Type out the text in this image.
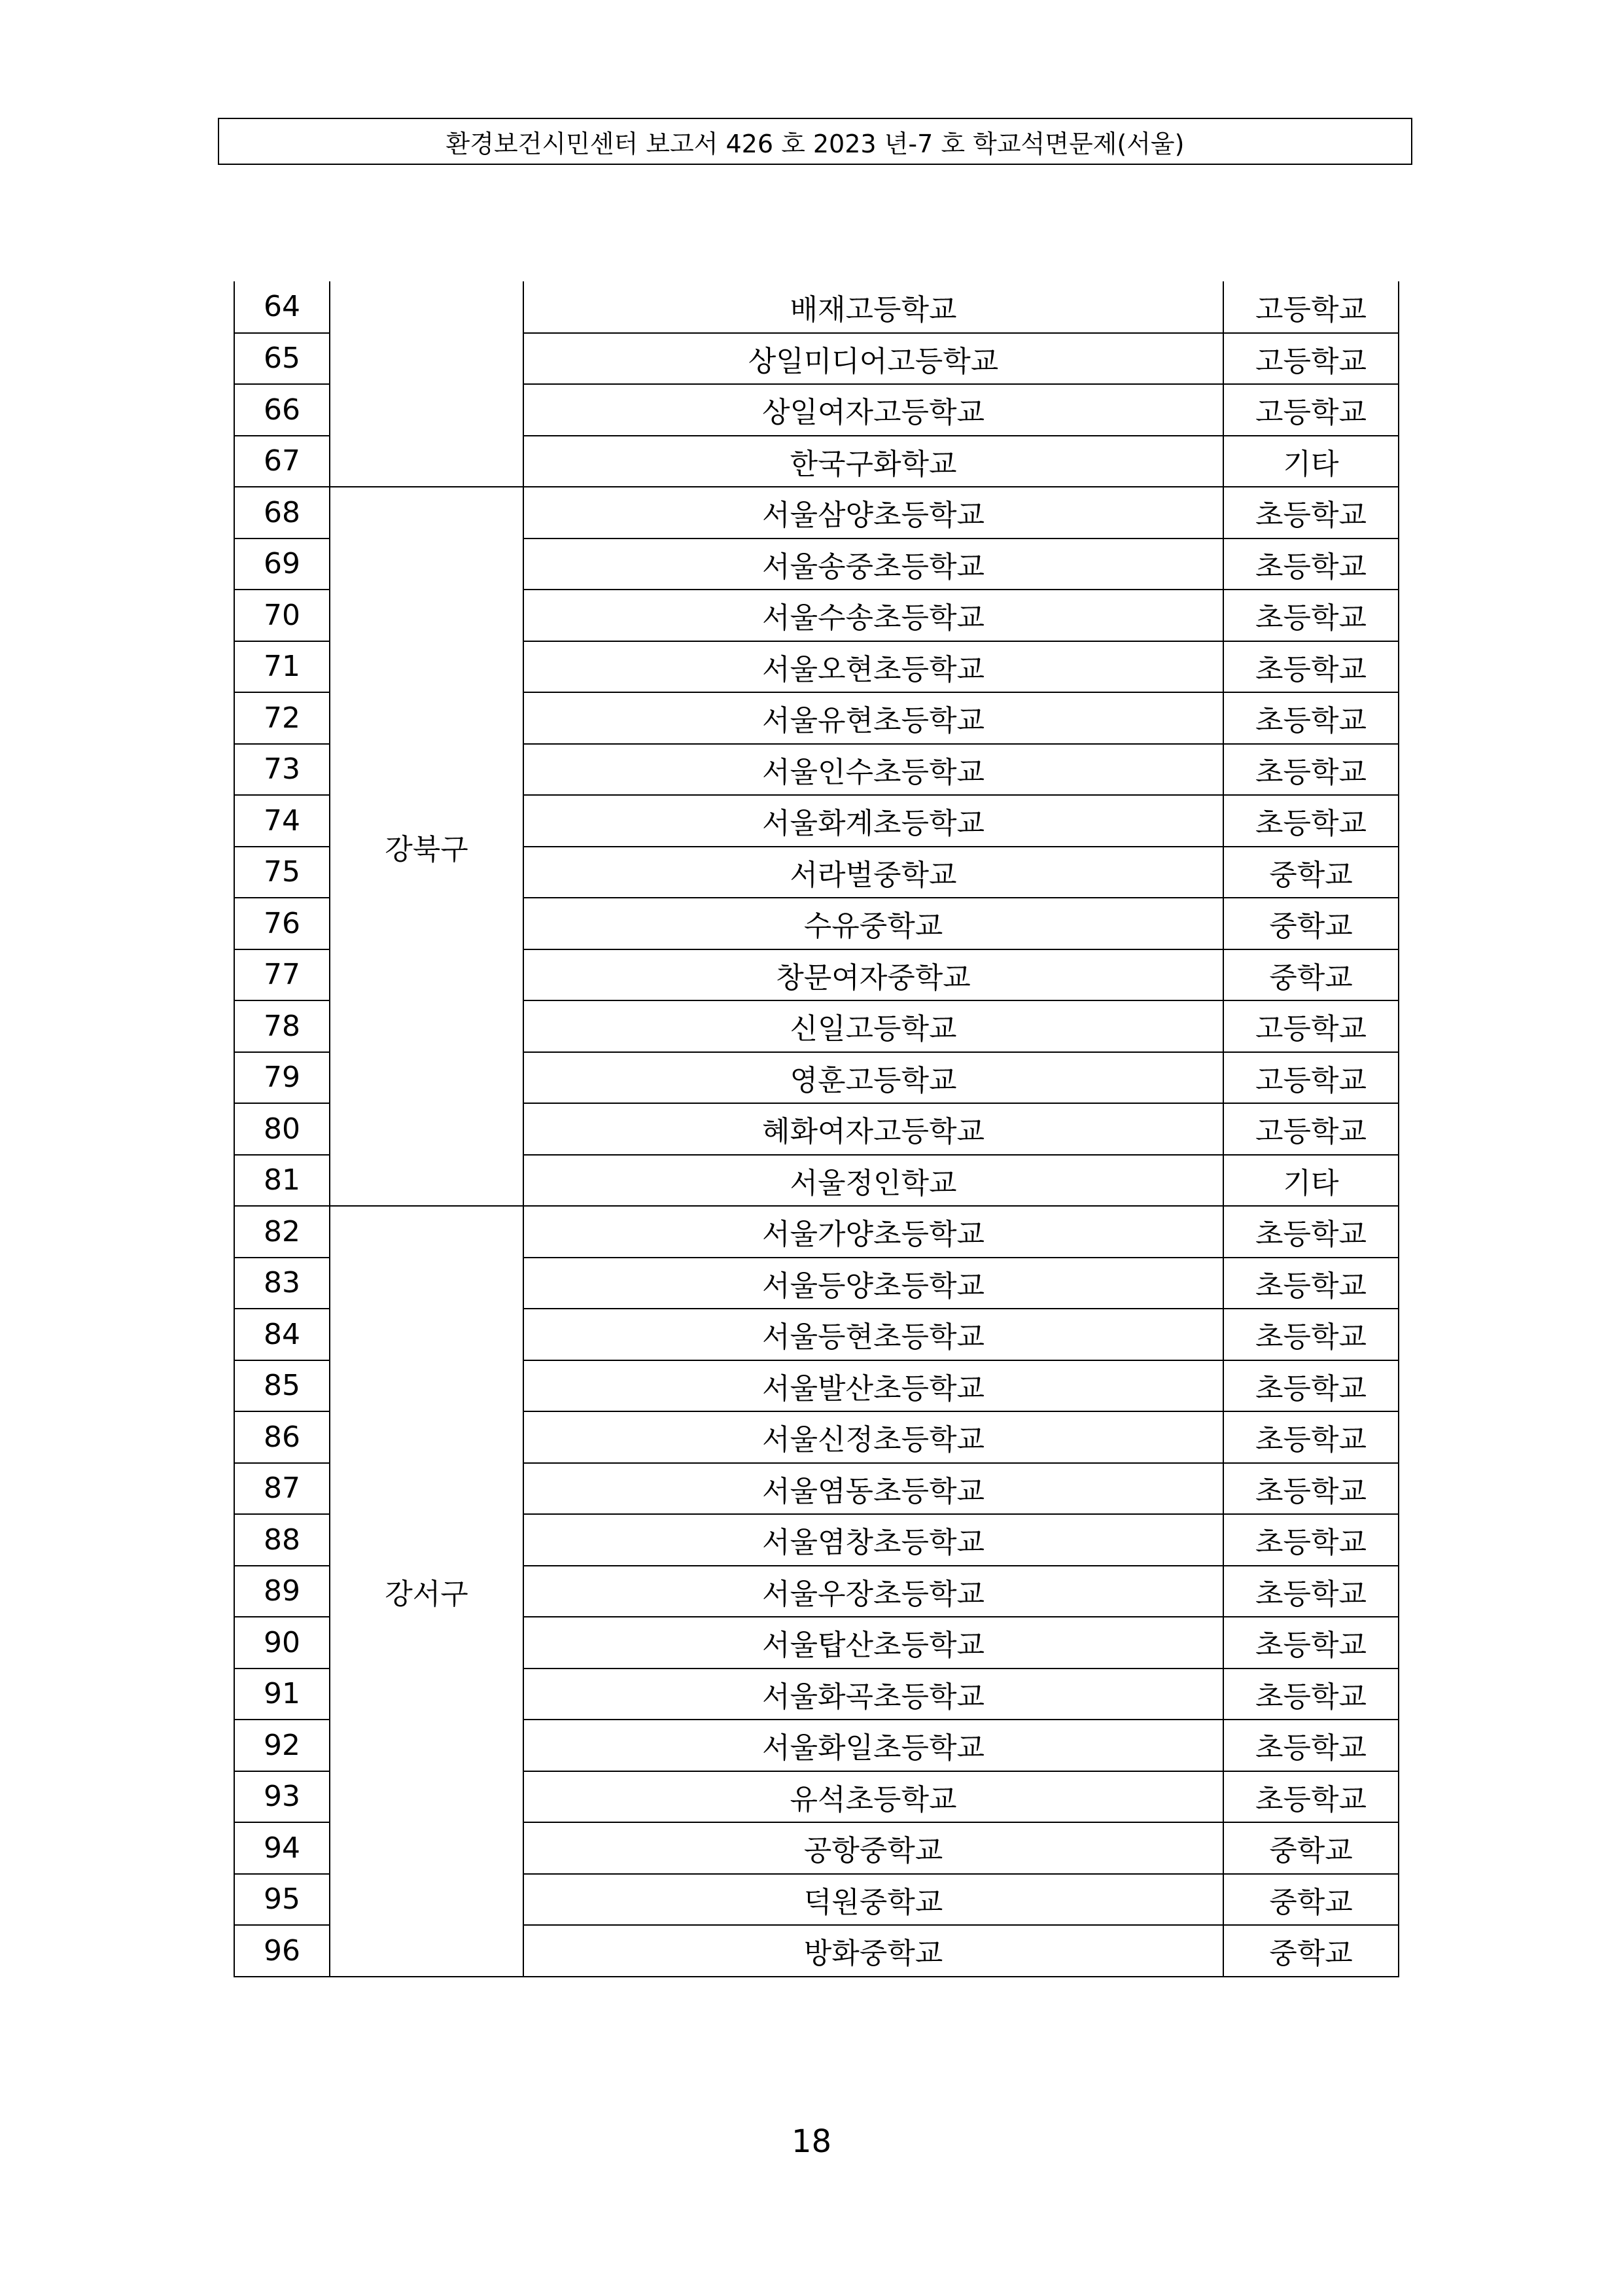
환경보건시민센터 보고서 426 호 2023 년-7 호 학교석면문제(서울)
64		배재고등학교	고등학교
65		상일미디어고등학교	고등학교
66		상일여자고등학교	고등학교
67		한국구화학교	기타
68	강북구	서울삼양초등학교	초등학교
69		서울송중초등학교	초등학교
70		서울수송초등학교	초등학교
71		서울오현초등학교	초등학교
72		서울유현초등학교	초등학교
73		서울인수초등학교	초등학교
74		서울화계초등학교	초등학교
75		서라벌중학교	중학교
76		수유중학교	중학교
77		창문여자중학교	중학교
78		신일고등학교	고등학교
79		영훈고등학교	고등학교
80		혜화여자고등학교	고등학교
81		서울정인학교	기타
82	강서구	서울가양초등학교	초등학교
83		서울등양초등학교	초등학교
84		서울등현초등학교	초등학교
85		서울발산초등학교	초등학교
86		서울신정초등학교	초등학교
87		서울염동초등학교	초등학교
88		서울염창초등학교	초등학교
89		서울우장초등학교	초등학교
90		서울탑산초등학교	초등학교
91		서울화곡초등학교	초등학교
92		서울화일초등학교	초등학교
93		유석초등학교	초등학교
94		공항중학교	중학교
95		덕원중학교	중학교
96		방화중학교	중학교
18
